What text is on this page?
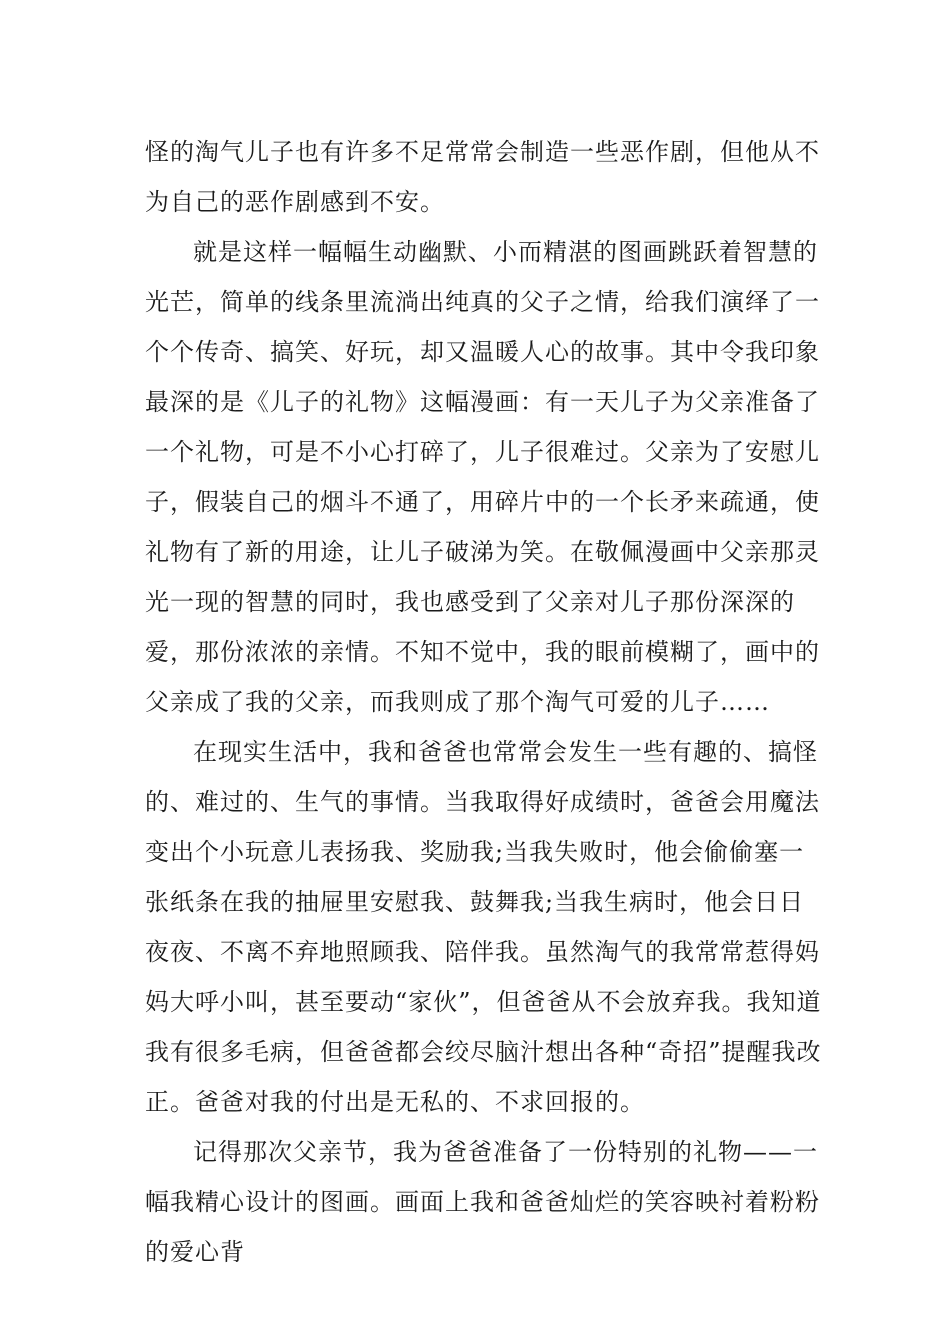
怪的淘气儿子也有许多不足常常会制造一些恶作剧，但他从不为自己的恶作剧感到不安。

就是这样一幅幅生动幽默、小而精湛的图画跳跃着智慧的光芒，简单的线条里流淌出纯真的父子之情，给我们演绎了一个个传奇、搞笑、好玩，却又温暖人心的故事。其中令我印象最深的是《儿子的礼物》这幅漫画：有一天儿子为父亲准备了一个礼物，可是不小心打碎了，儿子很难过。父亲为了安慰儿子，假装自己的烟斗不通了，用碎片中的一个长矛来疏通，使礼物有了新的用途，让儿子破涕为笑。在敬佩漫画中父亲那灵光一现的智慧的同时，我也感受到了父亲对儿子那份深深的爱，那份浓浓的亲情。不知不觉中，我的眼前模糊了，画中的父亲成了我的父亲，而我则成了那个淘气可爱的儿子……

在现实生活中，我和爸爸也常常会发生一些有趣的、搞怪的、难过的、生气的事情。当我取得好成绩时，爸爸会用魔法变出个小玩意儿表扬我、奖励我;当我失败时，他会偷偷塞一张纸条在我的抽屉里安慰我、鼓舞我;当我生病时，他会日日夜夜、不离不弃地照顾我、陪伴我。虽然淘气的我常常惹得妈妈大呼小叫，甚至要动“家伙”，但爸爸从不会放弃我。我知道我有很多毛病，但爸爸都会绞尽脑汁想出各种“奇招”提醒我改正。爸爸对我的付出是无私的、不求回报的。

记得那次父亲节，我为爸爸准备了一份特别的礼物——一幅我精心设计的图画。画面上我和爸爸灿烂的笑容映衬着粉粉的爱心背
